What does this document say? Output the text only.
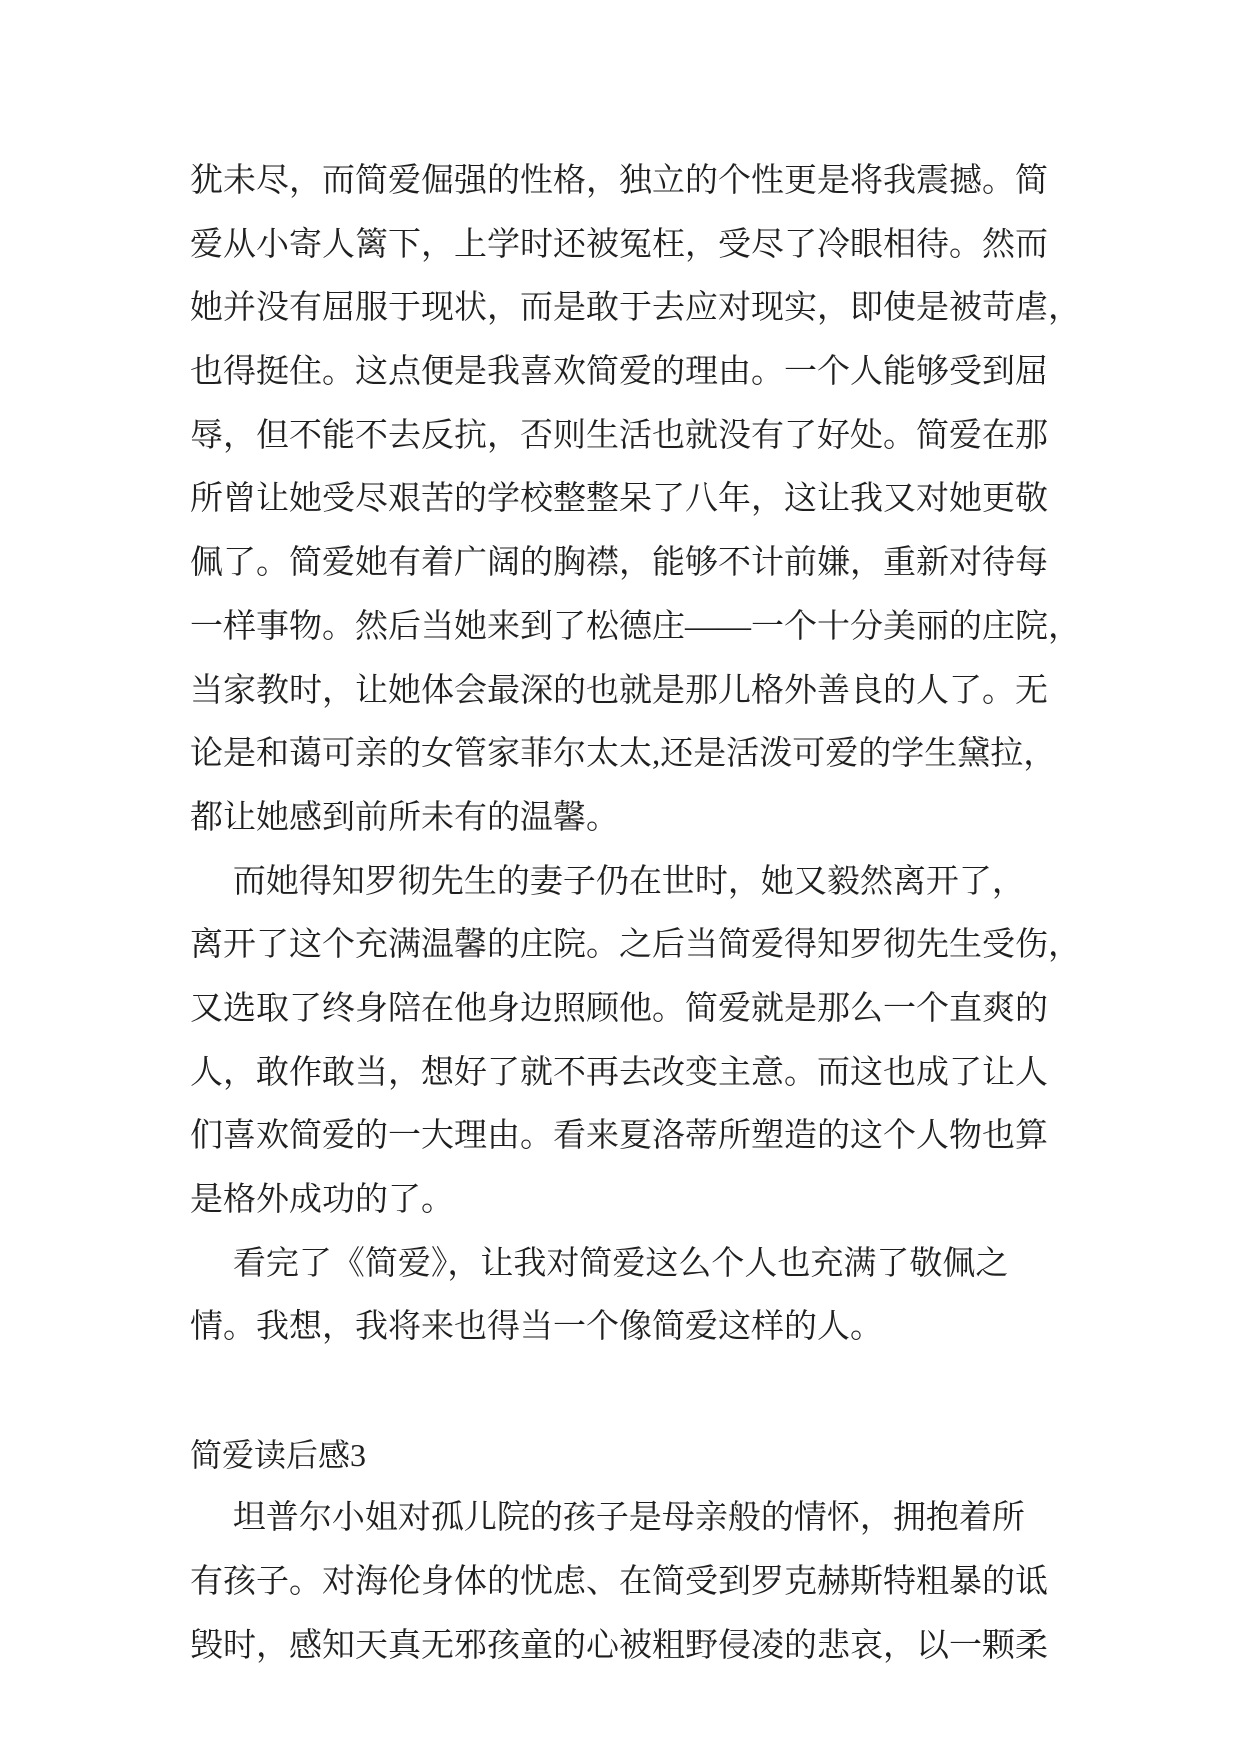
犹未尽，而简爱倔强的性格，独立的个性更是将我震撼。简
爱从小寄人篱下，上学时还被冤枉，受尽了冷眼相待。然而
她并没有屈服于现状，而是敢于去应对现实，即使是被苛虐，
也得挺住。这点便是我喜欢简爱的理由。一个人能够受到屈
辱，但不能不去反抗，否则生活也就没有了好处。简爱在那
所曾让她受尽艰苦的学校整整呆了八年，这让我又对她更敬
佩了。简爱她有着广阔的胸襟，能够不计前嫌，重新对待每
一样事物。然后当她来到了松德庄——一个十分美丽的庄院，
当家教时，让她体会最深的也就是那儿格外善良的人了。无
论是和蔼可亲的女管家菲尔太太,还是活泼可爱的学生黛拉，
都让她感到前所未有的温馨。
而她得知罗彻先生的妻子仍在世时，她又毅然离开了，
离开了这个充满温馨的庄院。之后当简爱得知罗彻先生受伤，
又选取了终身陪在他身边照顾他。简爱就是那么一个直爽的
人，敢作敢当，想好了就不再去改变主意。而这也成了让人
们喜欢简爱的一大理由。看来夏洛蒂所塑造的这个人物也算
是格外成功的了。
看完了《简爱》，让我对简爱这么个人也充满了敬佩之
情。我想，我将来也得当一个像简爱这样的人。
简爱读后感3
坦普尔小姐对孤儿院的孩子是母亲般的情怀，拥抱着所
有孩子。对海伦身体的忧虑、在简受到罗克赫斯特粗暴的诋
毁时，感知天真无邪孩童的心被粗野侵凌的悲哀，以一颗柔
